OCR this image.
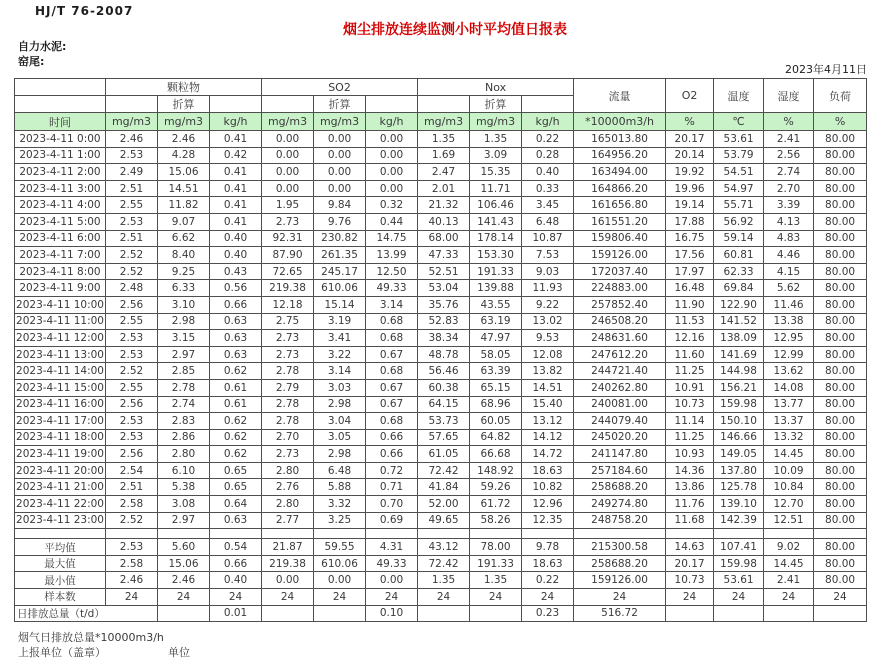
HJ/T 76-2007
烟尘排放连续监测小时平均值日报表
自力水泥:
窑尾:
2023年4月11日
	颗粒物			SO2			Nox			流量	O2	温度	湿度	负荷
		折算			折算			折算						
时间	mg/m3	mg/m3	kg/h	mg/m3	mg/m3	kg/h	mg/m3	mg/m3	kg/h	*10000m3/h	%	℃	%	%
2023-4-11 0:00	2.46	2.46	0.41	0.00	0.00	0.00	1.35	1.35	0.22	165013.80	20.17	53.61	2.41	80.00
2023-4-11 1:00	2.53	4.28	0.42	0.00	0.00	0.00	1.69	3.09	0.28	164956.20	20.14	53.79	2.56	80.00
2023-4-11 2:00	2.49	15.06	0.41	0.00	0.00	0.00	2.47	15.35	0.40	163494.00	19.92	54.51	2.74	80.00
2023-4-11 3:00	2.51	14.51	0.41	0.00	0.00	0.00	2.01	11.71	0.33	164866.20	19.96	54.97	2.70	80.00
2023-4-11 4:00	2.55	11.82	0.41	1.95	9.84	0.32	21.32	106.46	3.45	161656.80	19.14	55.71	3.39	80.00
2023-4-11 5:00	2.53	9.07	0.41	2.73	9.76	0.44	40.13	141.43	6.48	161551.20	17.88	56.92	4.13	80.00
2023-4-11 6:00	2.51	6.62	0.40	92.31	230.82	14.75	68.00	178.14	10.87	159806.40	16.75	59.14	4.83	80.00
2023-4-11 7:00	2.52	8.40	0.40	87.90	261.35	13.99	47.33	153.30	7.53	159126.00	17.56	60.81	4.46	80.00
2023-4-11 8:00	2.52	9.25	0.43	72.65	245.17	12.50	52.51	191.33	9.03	172037.40	17.97	62.33	4.15	80.00
2023-4-11 9:00	2.48	6.33	0.56	219.38	610.06	49.33	53.04	139.88	11.93	224883.00	16.48	69.84	5.62	80.00
2023-4-11 10:00	2.56	3.10	0.66	12.18	15.14	3.14	35.76	43.55	9.22	257852.40	11.90	122.90	11.46	80.00
2023-4-11 11:00	2.55	2.98	0.63	2.75	3.19	0.68	52.83	63.19	13.02	246508.20	11.53	141.52	13.38	80.00
2023-4-11 12:00	2.53	3.15	0.63	2.73	3.41	0.68	38.34	47.97	9.53	248631.60	12.16	138.09	12.95	80.00
2023-4-11 13:00	2.53	2.97	0.63	2.73	3.22	0.67	48.78	58.05	12.08	247612.20	11.60	141.69	12.99	80.00
2023-4-11 14:00	2.52	2.85	0.62	2.78	3.14	0.68	56.46	63.39	13.82	244721.40	11.25	144.98	13.62	80.00
2023-4-11 15:00	2.55	2.78	0.61	2.79	3.03	0.67	60.38	65.15	14.51	240262.80	10.91	156.21	14.08	80.00
2023-4-11 16:00	2.56	2.74	0.61	2.78	2.98	0.67	64.15	68.96	15.40	240081.00	10.73	159.98	13.77	80.00
2023-4-11 17:00	2.53	2.83	0.62	2.78	3.04	0.68	53.73	60.05	13.12	244079.40	11.14	150.10	13.37	80.00
2023-4-11 18:00	2.53	2.86	0.62	2.70	3.05	0.66	57.65	64.82	14.12	245020.20	11.25	146.66	13.32	80.00
2023-4-11 19:00	2.56	2.80	0.62	2.73	2.98	0.66	61.05	66.68	14.72	241147.80	10.93	149.05	14.45	80.00
2023-4-11 20:00	2.54	6.10	0.65	2.80	6.48	0.72	72.42	148.92	18.63	257184.60	14.36	137.80	10.09	80.00
2023-4-11 21:00	2.51	5.38	0.65	2.76	5.88	0.71	41.84	59.26	10.82	258688.20	13.86	125.78	10.84	80.00
2023-4-11 22:00	2.58	3.08	0.64	2.80	3.32	0.70	52.00	61.72	12.96	249274.80	11.76	139.10	12.70	80.00
2023-4-11 23:00	2.52	2.97	0.63	2.77	3.25	0.69	49.65	58.26	12.35	248758.20	11.68	142.39	12.51	80.00

平均值	2.53	5.60	0.54	21.87	59.55	4.31	43.12	78.00	9.78	215300.58	14.63	107.41	9.02	80.00
最大值	2.58	15.06	0.66	219.38	610.06	49.33	72.42	191.33	18.63	258688.20	20.17	159.98	14.45	80.00
最小值	2.46	2.46	0.40	0.00	0.00	0.00	1.35	1.35	0.22	159126.00	10.73	53.61	2.41	80.00
样本数	24	24	24	24	24	24	24	24	24	24	24	24	24	24
日排放总量（t/d）			0.01			0.10			0.23	516.72				
烟气日排放总量*10000m3/h
上报单位（盖章）	单位
